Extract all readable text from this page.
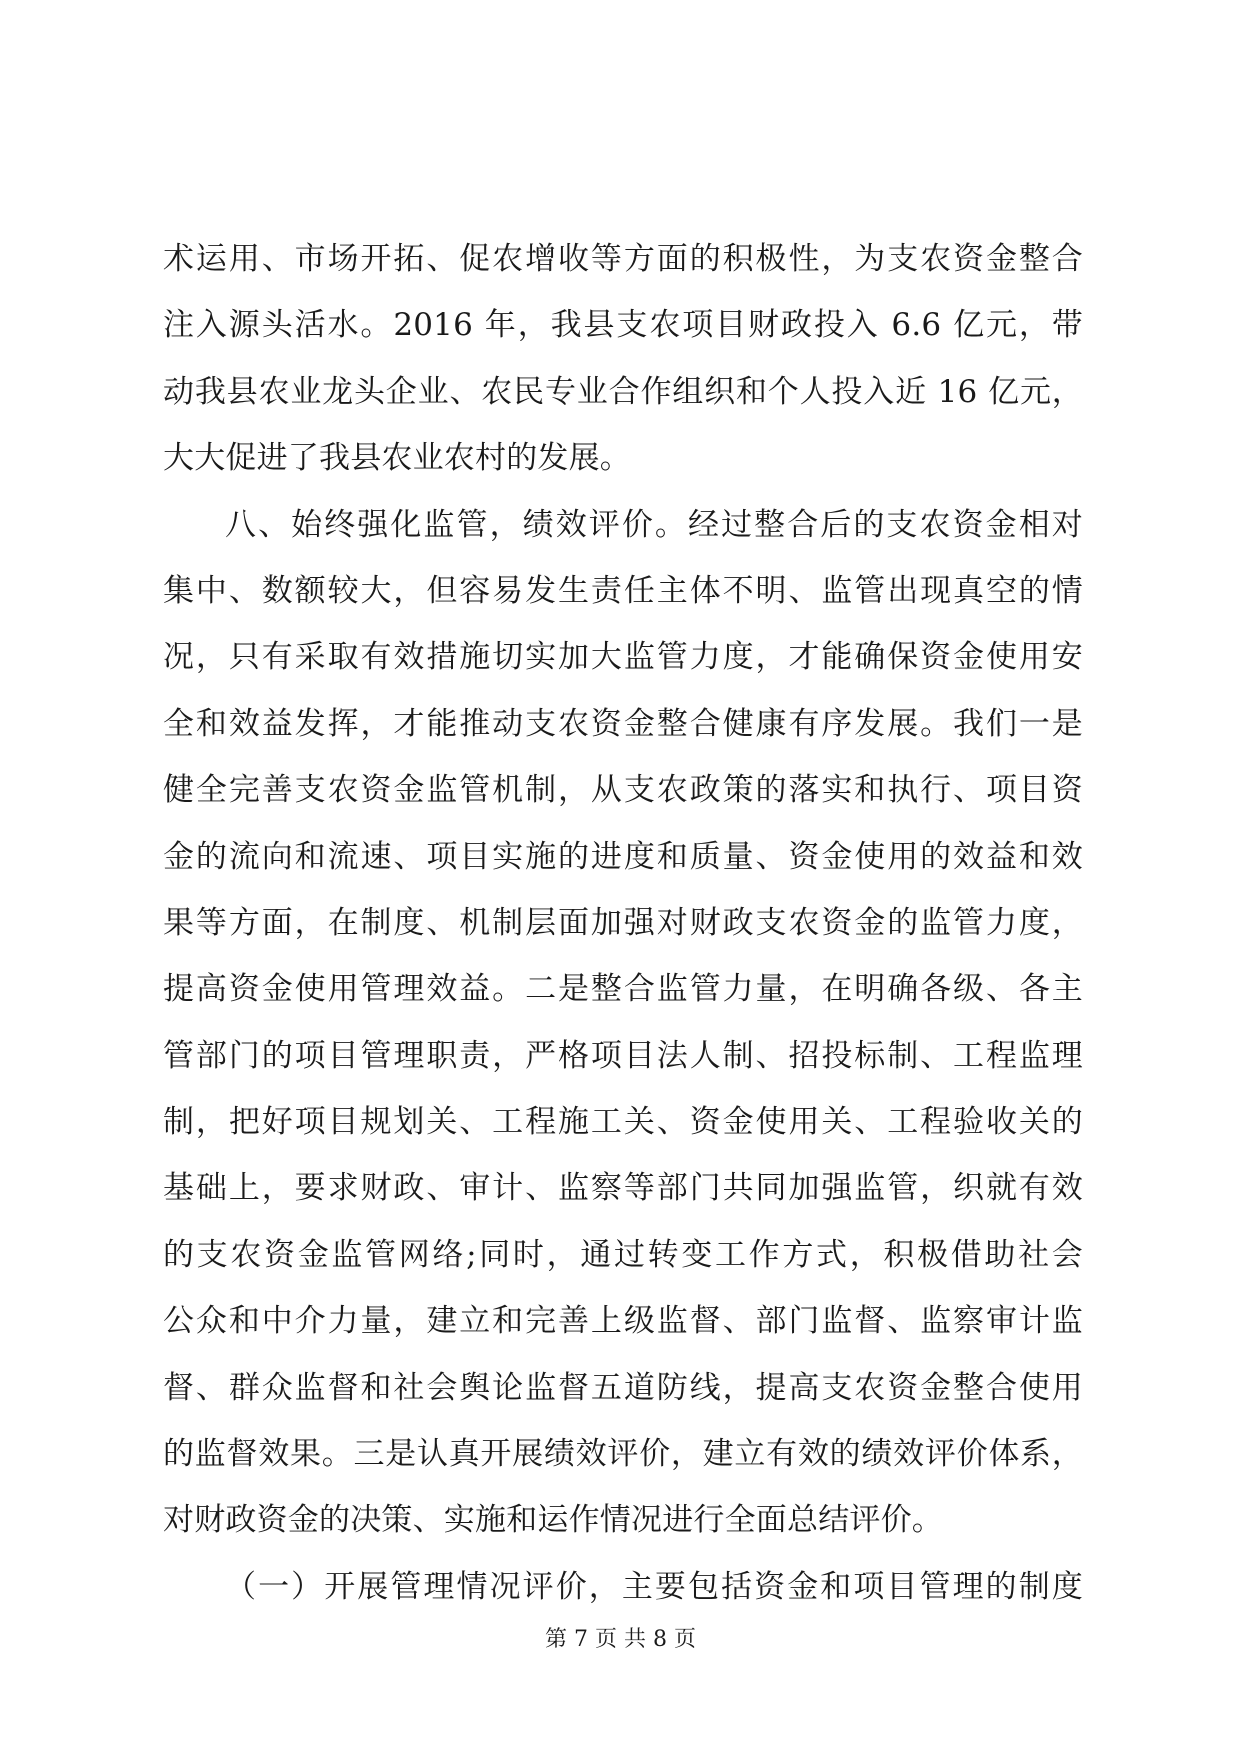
术运用、市场开拓、促农增收等方面的积极性，为支农资金整合
注入源头活水。2016 年，我县支农项目财政投入 6.6 亿元，带
动我县农业龙头企业、农民专业合作组织和个人投入近 16 亿元，
大大促进了我县农业农村的发展。
八、始终强化监管，绩效评价。经过整合后的支农资金相对
集中、数额较大，但容易发生责任主体不明、监管出现真空的情
况，只有采取有效措施切实加大监管力度，才能确保资金使用安
全和效益发挥，才能推动支农资金整合健康有序发展。我们一是
健全完善支农资金监管机制，从支农政策的落实和执行、项目资
金的流向和流速、项目实施的进度和质量、资金使用的效益和效
果等方面，在制度、机制层面加强对财政支农资金的监管力度，
提高资金使用管理效益。二是整合监管力量，在明确各级、各主
管部门的项目管理职责，严格项目法人制、招投标制、工程监理
制，把好项目规划关、工程施工关、资金使用关、工程验收关的
基础上，要求财政、审计、监察等部门共同加强监管，织就有效
的支农资金监管网络;同时，通过转变工作方式，积极借助社会
公众和中介力量，建立和完善上级监督、部门监督、监察审计监
督、群众监督和社会舆论监督五道防线，提高支农资金整合使用
的监督效果。三是认真开展绩效评价，建立有效的绩效评价体系，
对财政资金的决策、实施和运作情况进行全面总结评价。
（一）开展管理情况评价，主要包括资金和项目管理的制度
第 7 页 共 8 页
